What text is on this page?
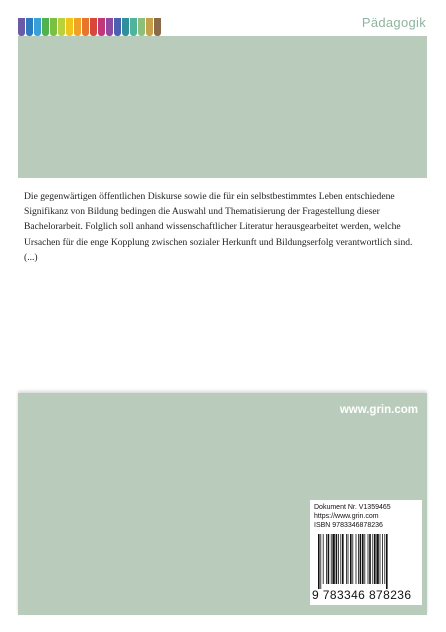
Pädagogik

Die gegenwärtigen öffentlichen Diskurse sowie die für ein selbstbestimmtes Leben entschiedene Signifikanz von Bildung bedingen die Auswahl und Thematisierung der Fragestellung dieser Bachelorarbeit. Folglich soll anhand wissenschaftlicher Literatur herausgearbeitet werden, welche Ursachen für die enge Kopplung zwischen sozialer Herkunft und Bildungserfolg verantwortlich sind. (...)

www.grin.com
Dokument Nr. V1359465
https://www.grin.com
ISBN 9783346878236
9 783346 878236
